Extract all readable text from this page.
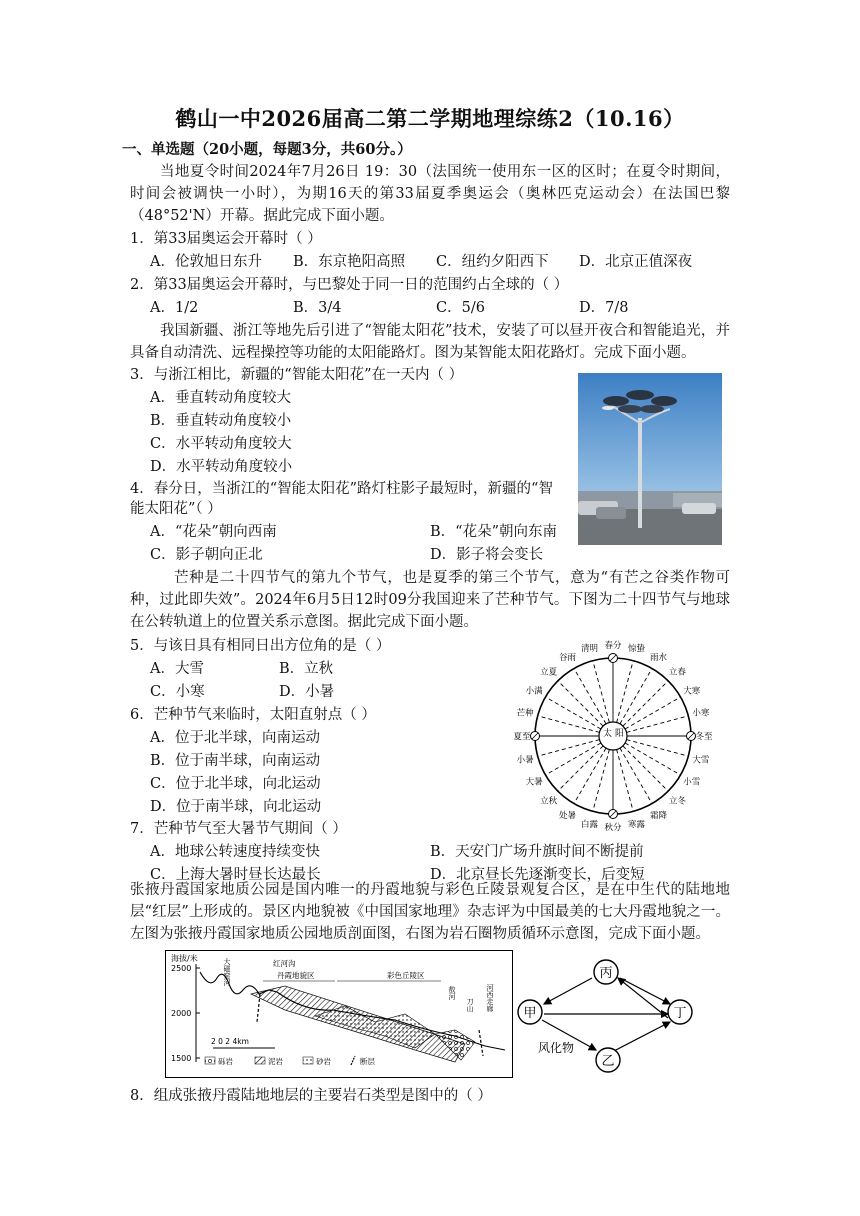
鹤山一中2026届高二第二学期地理综练2（10.16）
一、单选题（20小题，每题3分，共60分。）
当地夏令时间2024年7月26日 19：30（法国统一使用东一区的区时；在夏令时期间，时间会被调快一小时），为期16天的第33届夏季奥运会（奥林匹克运动会）在法国巴黎（48°52'N）开幕。据此完成下面小题。
1．第33届奥运会开幕时（ ）
A．伦敦旭日东升 B．东京艳阳高照 C．纽约夕阳西下 D．北京正值深夜
2．第33届奥运会开幕时，与巴黎处于同一日的范围约占全球的（ ）
A．1/2	B．3/4	C．5/6	D．7/8
我国新疆、浙江等地先后引进了“智能太阳花”技术，安装了可以昼开夜合和智能追光，并具备自动清洗、远程操控等功能的太阳能路灯。图为某智能太阳花路灯。完成下面小题。
3．与浙江相比，新疆的“智能太阳花”在一天内（ ）
A．垂直转动角度较大
B．垂直转动角度较小
C．水平转动角度较大
D．水平转动角度较小
4．春分日，当浙江的“智能太阳花”路灯柱影子最短时，新疆的“智
能太阳花”（ ）
A．“花朵”朝向西南	B．“花朵”朝向东南
C．影子朝向正北	D．影子将会变长
芒种是二十四节气的第九个节气，也是夏季的第三个节气，意为“有芒之谷类作物可种，过此即失效”。2024年6月5日12时09分我国迎来了芒种节气。下图为二十四节气与地球在公转轨道上的位置关系示意图。据此完成下面小题。
5．与该日具有相同日出方位角的是（ ）
A．大雪	B．立秋
C．小寒	D．小暑
6．芒种节气来临时，太阳直射点（ ）
A．位于北半球，向南运动
B．位于南半球，向南运动
C．位于北半球，向北运动
D．位于南半球，向北运动
7．芒种节气至大暑节气期间（ ）
A．地球公转速度持续变快	B．天安门广场升旗时间不断提前
C．上海大暑时昼长达最长	D．北京昼长先逐渐变长，后变短
太 阳
春分 惊蛰
雨水
立春
大寒
小寒
冬至
大雪
小雪
立冬
霜降
寒露
秋分
白露
处暑
立秋
大暑
小暑
夏至
芒种
小满
立夏
谷雨
清明
张掖丹霞国家地质公园是国内唯一的丹霞地貌与彩色丘陵景观复合区，是在中生代的陆地地层“红层”上形成的。景区内地貌被《中国国家地理》杂志评为中国最美的七大丹霞地貌之一。左图为张掖丹霞国家地质公园地质剖面图，右图为岩石圈物质循环示意图，完成下面小题。
海拔/米
2500
2000
1500
大磁窑河	红河沟
丹霞地貌区	彩色丘陵区
敖河
刀山 河西走廊
2 0 2 4km
砾岩	泥岩	砂岩	断层
丙
甲	丁
乙
风化物
8．组成张掖丹霞陆地地层的主要岩石类型是图中的（ ）
